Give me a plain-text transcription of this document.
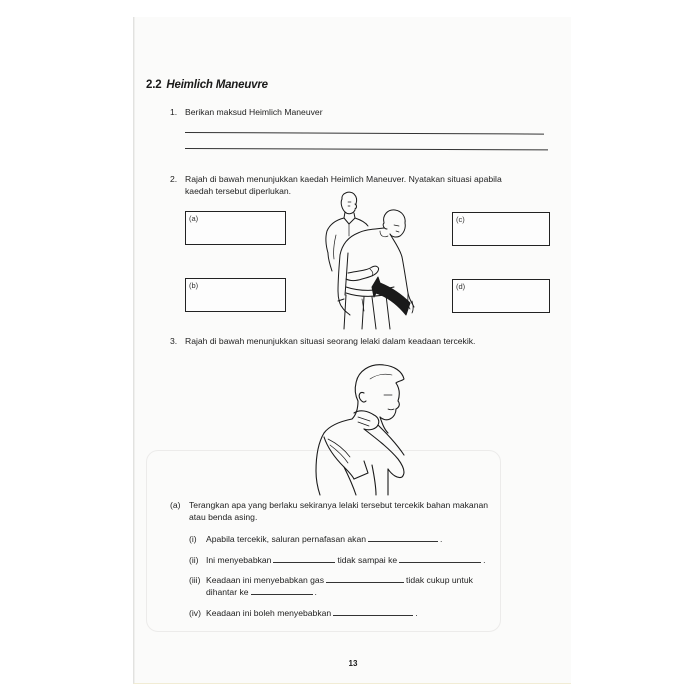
2.2 Heimlich Maneuvre
1. Berikan maksud Heimlich Maneuver
2. Rajah di bawah menunjukkan kaedah Heimlich Maneuver. Nyatakan situasi apabila
kaedah tersebut diperlukan.
(a)
(b)
(c)
(d)
3. Rajah di bawah menunjukkan situasi seorang lelaki dalam keadaan tercekik.
(a) Terangkan apa yang berlaku sekiranya lelaki tersebut tercekik bahan makanan
atau benda asing.
(i) Apabila tercekik, saluran pernafasan akan	.
(ii) Ini menyebabkan	tidak sampai ke	.
(iii) Keadaan ini menyebabkan gas	tidak cukup untuk
dihantar ke	.
(iv) Keadaan ini boleh menyebabkan	.
13
